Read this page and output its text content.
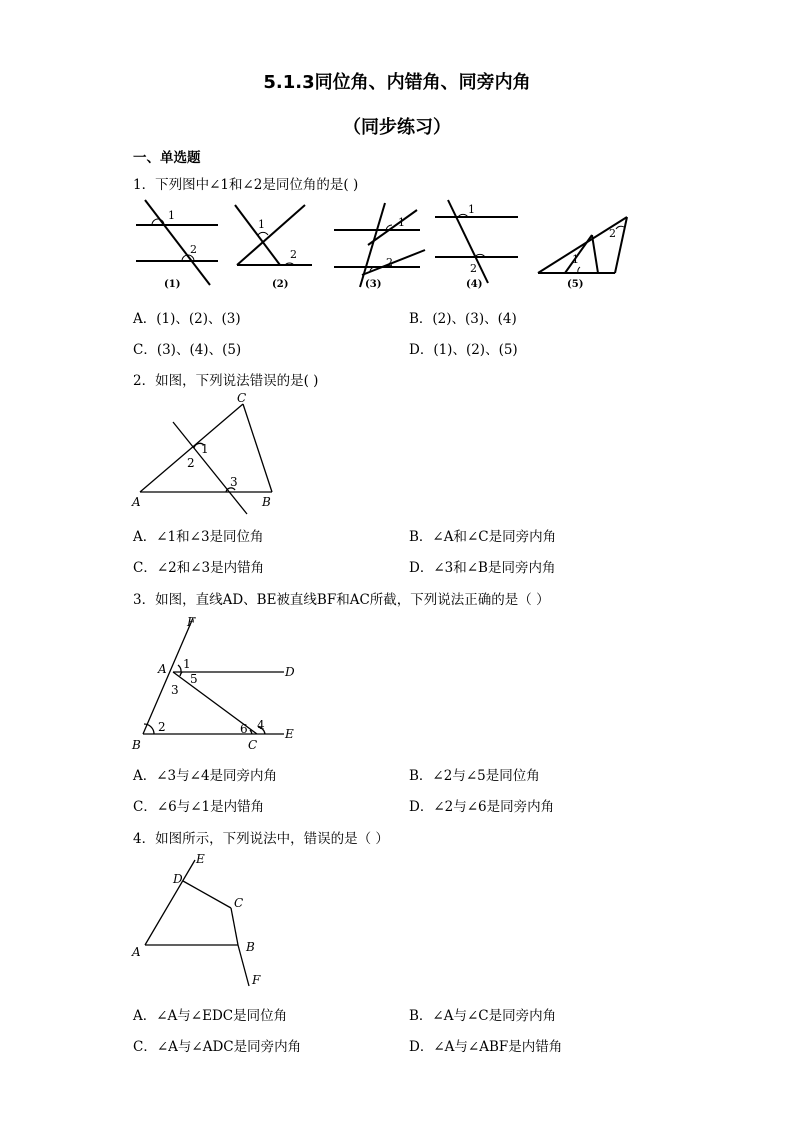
5.1.3同位角、内错角、同旁内角
（同步练习）
一、单选题
1．下列图中∠1和∠2是同位角的是( )
1
2
1
2
1
2
1
2
1
2
(1)	(2)	(3)	(4)	(5)
A．(1)、(2)、(3)	B．(2)、(3)、(4)
C．(3)、(4)、(5)	D．(1)、(2)、(5)
2．如图，下列说法错误的是( )
C
A	B
1
2
3
A．∠1和∠3是同位角	B．∠A和∠C是同旁内角
C．∠2和∠3是内错角	D．∠3和∠B是同旁内角
3．如图，直线AD、BE被直线BF和AC所截，下列说法正确的是（ ）
F
A	D
B	C
E
1
5
3
2	6 4
A．∠3与∠4是同旁内角	B．∠2与∠5是同位角
C．∠6与∠1是内错角	D．∠2与∠6是同旁内角
4．如图所示，下列说法中，错误的是（ ）
E
D
C
A	B
F
A．∠A与∠EDC是同位角	B．∠A与∠C是同旁内角
C．∠A与∠ADC是同旁内角	D．∠A与∠ABF是内错角
